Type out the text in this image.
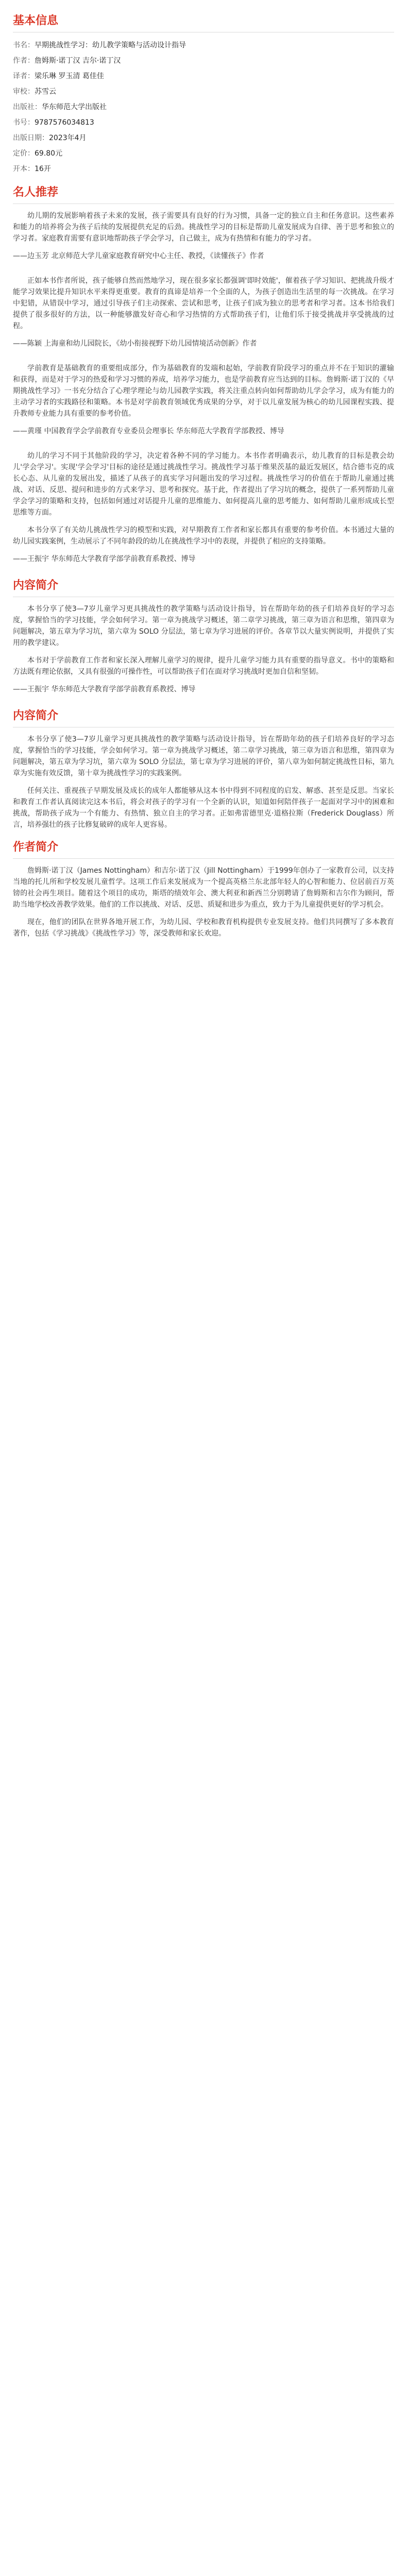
基本信息
书名：早期挑战性学习：幼儿教学策略与活动设计指导
作者：詹姆斯·诺丁汉 吉尔·诺丁汉
译者：梁乐琳 罗玉清 葛佳佳
审校：苏雪云
出版社：华东师范大学出版社
书号：9787576034813
出版日期：2023年4月
定价：69.80元
开本：16开
名人推荐

幼儿期的发展影响着孩子未来的发展，孩子需要具有良好的行为习惯，具备一定的独立自主和任务意识。这些素养和能力的培养将会为孩子后续的发展提供充足的后劲。挑战性学习的目标是帮助儿童发展成为自律、善于思考和独立的学习者。家庭教育需要有意识地帮助孩子学会学习，自己做主，成为有热情和有能力的学习者。

——边玉芳 北京师范大学儿童家庭教育研究中心主任、教授，《读懂孩子》作者

正如本书作者所说，孩子能够自然而然地学习，现在很多家长都强调'即时效能'，催着孩子学习知识、把挑战升级才能学习效果比提升知识水平来得更重要。教育的真谛是培养一个全面的人，为孩子创造出生活里的每一次挑战。在学习中犯错，从错误中学习，通过引导孩子们主动探索、尝试和思考，让孩子们成为独立的思考者和学习者。这本书给我们提供了很多很好的方法，以一种能够激发好奇心和学习热情的方式帮助孩子们，让他们乐于接受挑战并享受挑战的过程。

——陈颖 上海童和幼儿园院长，《幼小衔接视野下幼儿园情境活动创新》作者

学前教育是基础教育的重要组成部分，作为基础教育的发端和起始，学前教育阶段学习的重点并不在于知识的灌输和获得，而是对于学习的热爱和学习习惯的养成，培养学习能力，也是学前教育应当达到的目标。詹姆斯·诺丁汉的《早期挑战性学习》一书充分结合了心理学理论与幼儿园教学实践，将关注重点转向如何帮助幼儿学会学习，成为有能力的主动学习者的实践路径和策略。本书是对学前教育领域优秀成果的分享，对于以儿童发展为核心的幼儿园课程实践、提升教师专业能力具有重要的参考价值。

——黄瑾 中国教育学会学前教育专业委员会理事长 华东师范大学教育学部教授、博导

幼儿的学习不同于其他阶段的学习，决定着各种不同的学习能力。本书作者明确表示，幼儿教育的目标是教会幼儿'学会学习'。实现'学会学习'目标的途径是通过挑战性学习。挑战性学习基于维果茨基的最近发展区，结合德韦克的成长心态、从儿童的发展出发，描述了从孩子的真实学习问题出发的学习过程。挑战性学习的价值在于帮助儿童通过挑战、对话、反思、提问和进步的方式来学习、思考和探究。基于此，作者提出了学习坑的概念，提供了一系列帮助儿童学会学习的策略和支持，包括如何通过对话提升儿童的思维能力、如何提高儿童的思考能力、如何帮助儿童形成成长型思维等方面。

本书分享了有关幼儿挑战性学习的模型和实践，对早期教育工作者和家长都具有重要的参考价值。本书通过大量的幼儿园实践案例，生动展示了不同年龄段的幼儿在挑战性学习中的表现，并提供了相应的支持策略。

——王振宇 华东师范大学教育学部学前教育系教授、博导

内容简介

本书分享了使3—7岁儿童学习更具挑战性的教学策略与活动设计指导，旨在帮助年幼的孩子们培养良好的学习态度，掌握恰当的学习技能，学会如何学习。第一章为挑战学习概述，第二章学习挑战，第三章为语言和思维，第四章为问题解决，第五章为学习坑，第六章为 SOLO 分层法，第七章为学习进展的评价。各章节以大量实例说明，并提供了实用的教学建议。

本书对于学前教育工作者和家长深入理解儿童学习的规律，提升儿童学习能力具有重要的指导意义。书中的策略和方法既有理论依据，又具有很强的可操作性，可以帮助孩子们在面对学习挑战时更加自信和坚韧。

——王振宇 华东师范大学教育学部学前教育系教授、博导

内容简介

本书分享了使3—7岁儿童学习更具挑战性的教学策略与活动设计指导，旨在帮助年幼的孩子们培养良好的学习态度，掌握恰当的学习技能，学会如何学习。第一章为挑战学习概述，第二章学习挑战，第三章为语言和思维，第四章为问题解决，第五章为学习坑，第六章为 SOLO 分层法，第七章为学习进展的评价，第八章为如何制定挑战性目标，第九章为实施有效反馈，第十章为挑战性学习的实践案例。

任何关注、重视孩子早期发展及成长的成年人都能够从这本书中得到不同程度的启发、解惑、甚至是反思。当家长和教育工作者认真阅读完这本书后，将会对孩子的学习有一个全新的认识，知道如何陪伴孩子一起面对学习中的困难和挑战，帮助孩子成为一个有能力、有热情、独立自主的学习者。正如弗雷德里克·道格拉斯（Frederick Douglass）所言，培养强壮的孩子比修复破碎的成年人更容易。

作者简介

詹姆斯·诺丁汉（James Nottingham）和吉尔·诺丁汉（Jill Nottingham）于1999年创办了一家教育公司，以支持当地的托儿所和学校发展儿童哲学。这项工作后来发展成为一个提高英格兰东北部年轻人的心智和能力、位居前百万英镑的社会再生项目。随着这个项目的成功，斯塔的绩效年会、澳大利亚和新西兰分别聘请了詹姆斯和吉尔作为顾问，帮助当地学校改善教学效果。他们的工作以挑战、对话、反思、质疑和进步为重点，致力于为儿童提供更好的学习机会。

现在，他们的团队在世界各地开展工作，为幼儿园、学校和教育机构提供专业发展支持。他们共同撰写了多本教育著作，包括《学习挑战》《挑战性学习》等，深受教师和家长欢迎。
